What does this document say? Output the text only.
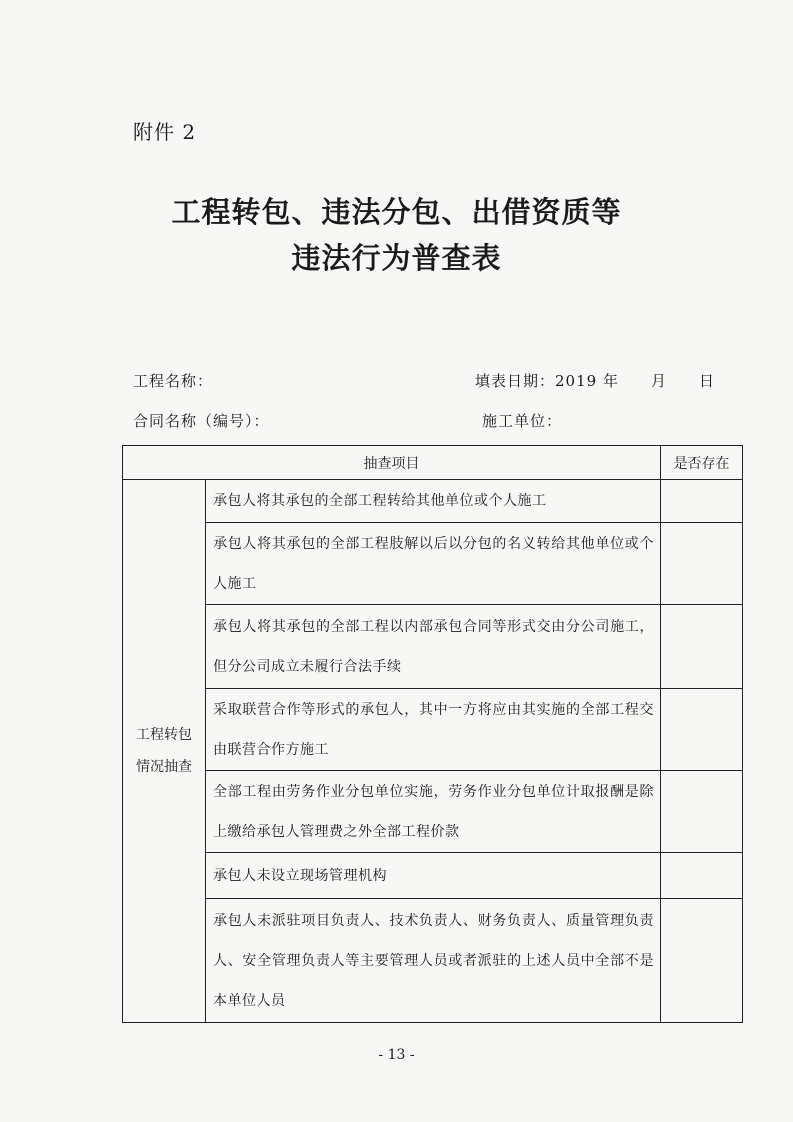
附件 2
工程转包、违法分包、出借资质等
违法行为普查表
工程名称：	填表日期：2019 年　　月　　日
合同名称（编号）：	施工单位：
抽查项目		是否存在
工程转包
情况抽查	承包人将其承包的全部工程转给其他单位或个人施工	
	承包人将其承包的全部工程肢解以后以分包的名义转给其他单位或个人施工	
	承包人将其承包的全部工程以内部承包合同等形式交由分公司施工，但分公司成立未履行合法手续	
	采取联营合作等形式的承包人，其中一方将应由其实施的全部工程交由联营合作方施工	
	全部工程由劳务作业分包单位实施，劳务作业分包单位计取报酬是除上缴给承包人管理费之外全部工程价款	
	承包人未设立现场管理机构	
	承包人未派驻项目负责人、技术负责人、财务负责人、质量管理负责人、安全管理负责人等主要管理人员或者派驻的上述人员中全部不是本单位人员	
- 13 -
